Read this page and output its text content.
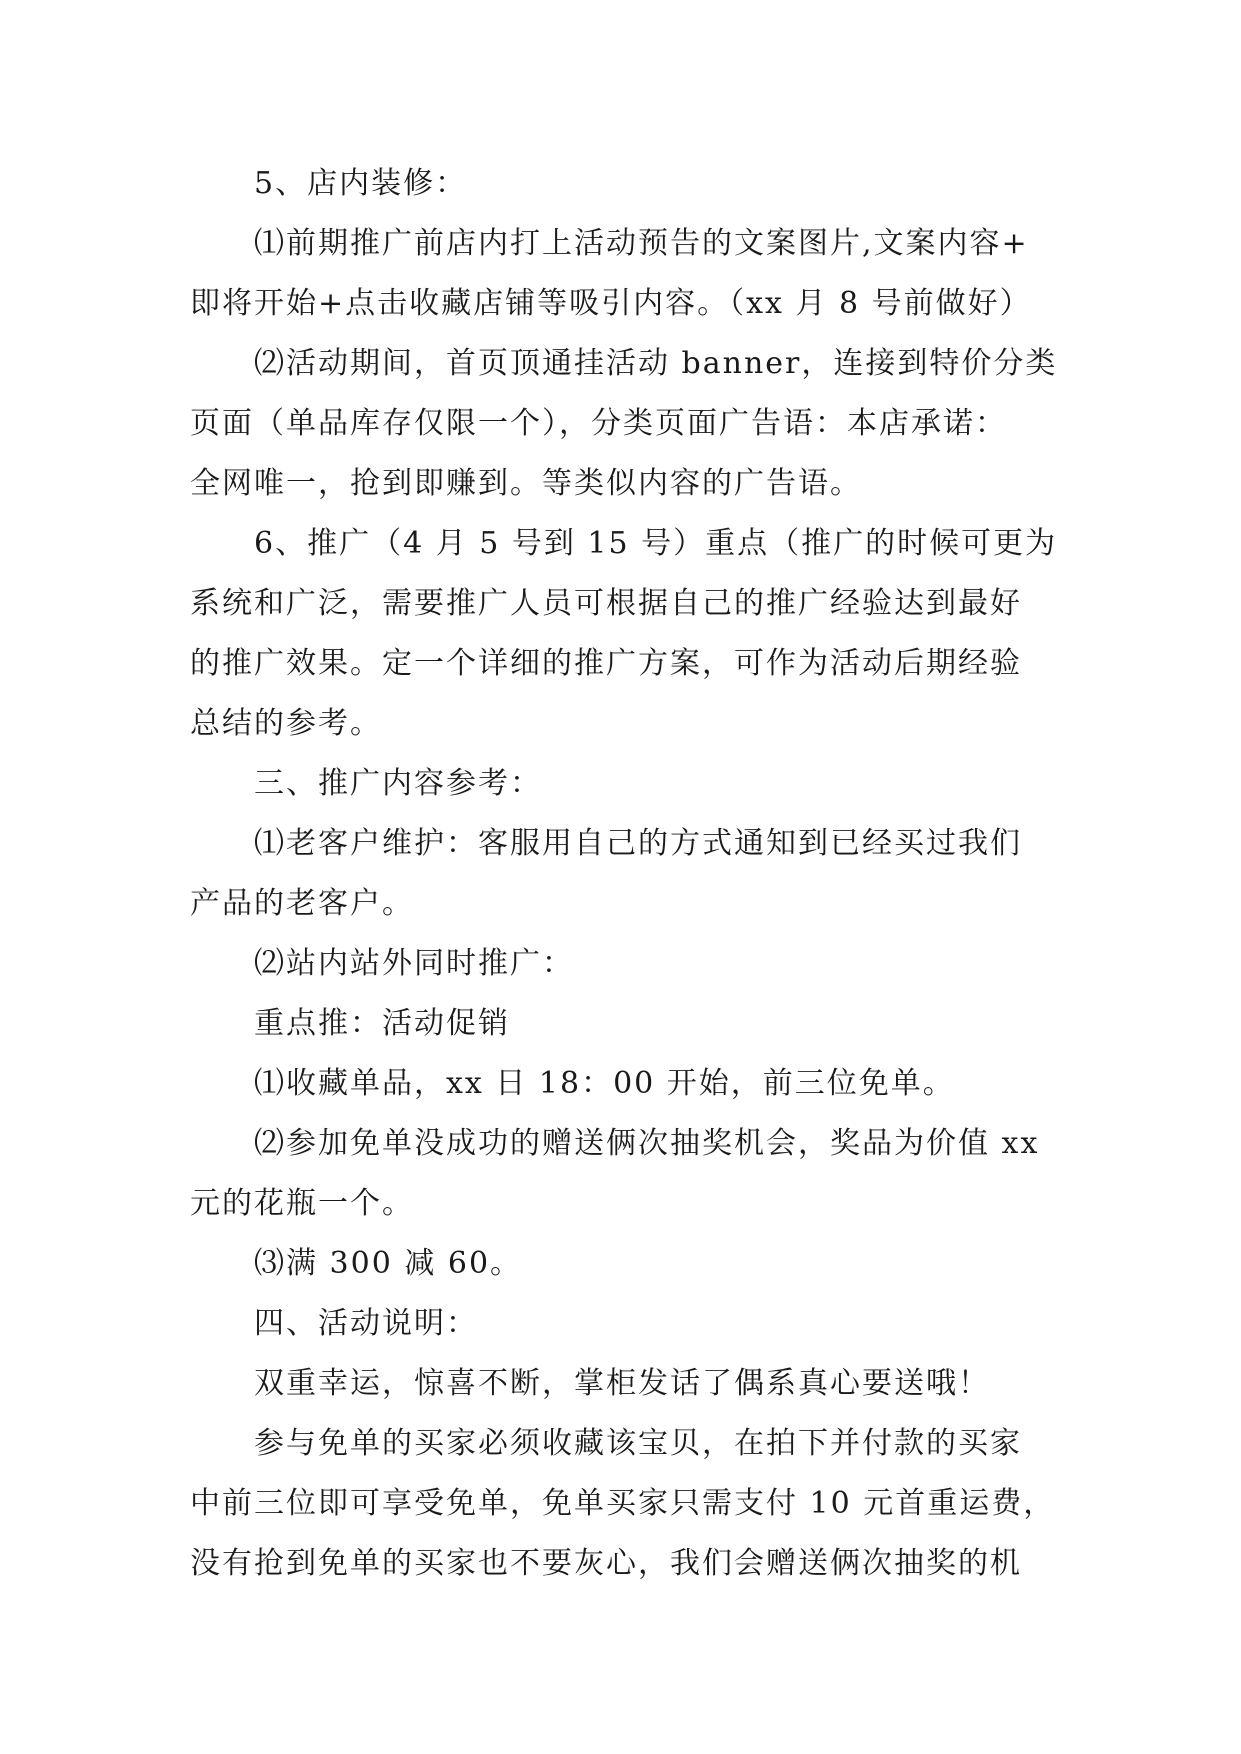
5、店内装修：
⑴前期推广前店内打上活动预告的文案图片,文案内容+
即将开始+点击收藏店铺等吸引内容。（xx 月 8 号前做好）
⑵活动期间，首页顶通挂活动 banner，连接到特价分类
页面（单品库存仅限一个），分类页面广告语：本店承诺：
全网唯一，抢到即赚到。等类似内容的广告语。
6、推广（4 月 5 号到 15 号）重点（推广的时候可更为
系统和广泛，需要推广人员可根据自己的推广经验达到最好
的推广效果。定一个详细的推广方案，可作为活动后期经验
总结的参考。
三、推广内容参考：
⑴老客户维护：客服用自己的方式通知到已经买过我们
产品的老客户。
⑵站内站外同时推广：
重点推：活动促销
⑴收藏单品，xx 日 18：00 开始，前三位免单。
⑵参加免单没成功的赠送俩次抽奖机会，奖品为价值 xx
元的花瓶一个。
⑶满 300 减 60。
四、活动说明：
双重幸运，惊喜不断，掌柜发话了偶系真心要送哦！
参与免单的买家必须收藏该宝贝，在拍下并付款的买家
中前三位即可享受免单，免单买家只需支付 10 元首重运费，
没有抢到免单的买家也不要灰心，我们会赠送俩次抽奖的机
